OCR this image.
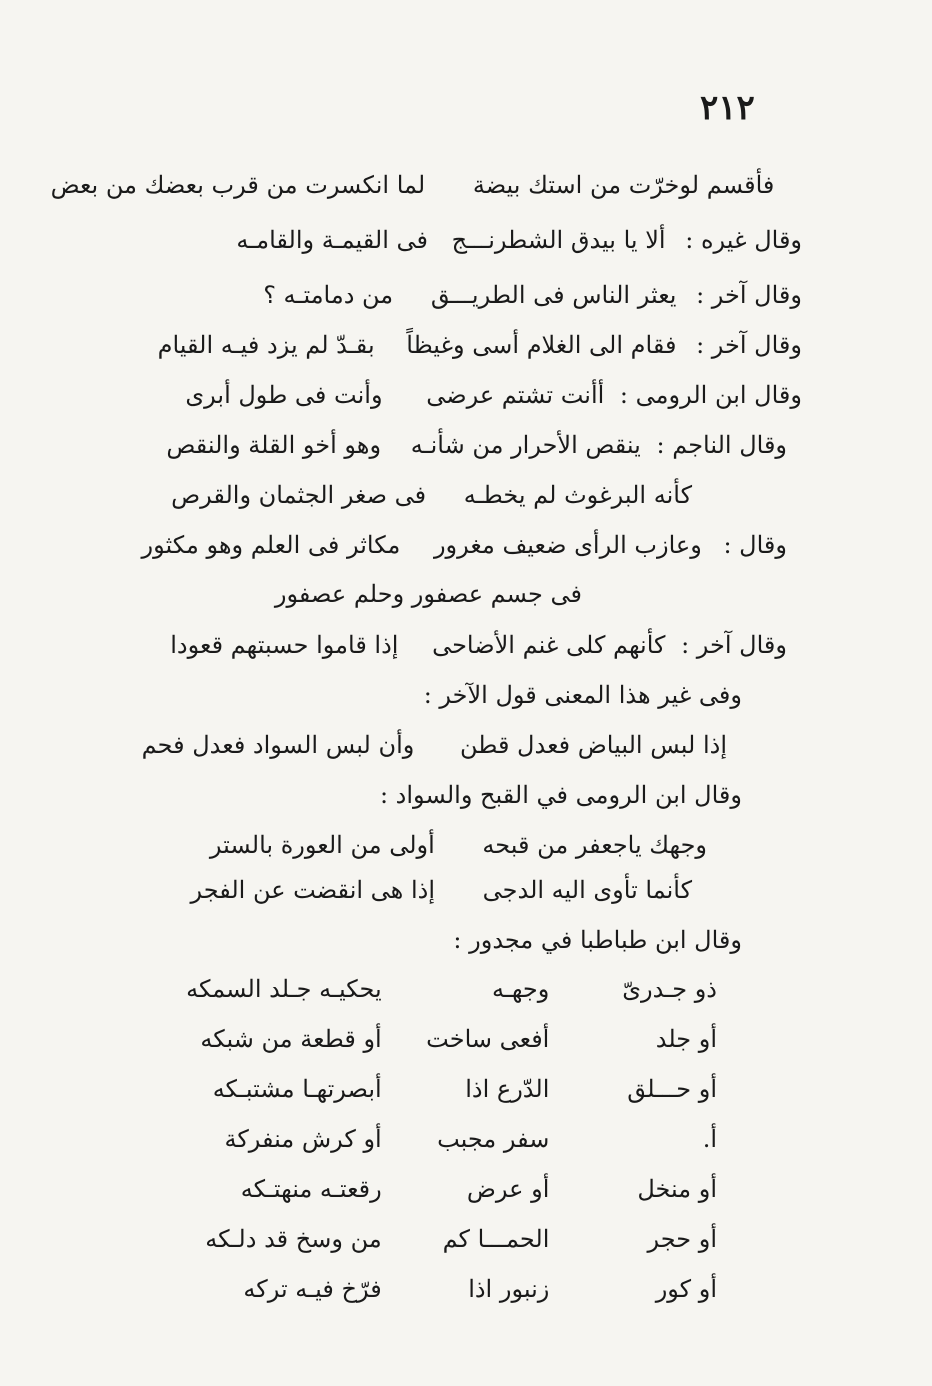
٢١٢
فأقسم لوخرّت من استك بيضة لما انكسرت من قرب بعضك من بعض
وقال غيره : ألا يا بيدق الشطرنـــج فى القيمـة والقامـه
وقال آخر : يعثر الناس فى الطريـــق من دمامتـه ؟
وقال آخر : فقام الى الغلام أسى وغيظاً بقـدّ لم يزد فيـه القيام
وقال ابن الرومى : أأنت تشتم عرضى وأنت فى طول أبرى
وقال الناجم : ينقص الأحرار من شأنـه وهو أخو القلة والنقص
كأنه البرغوث لم يخطـه فى صغر الجثمان والقرص
وقال : وعازب الرأى ضعيف مغرور مكاثر فى العلم وهو مكثور
فى جسم عصفور وحلم عصفور
وقال آخر : كأنهم كلى غنم الأضاحى إذا قاموا حسبتهم قعودا
وفى غير هذا المعنى قول الآخر :
إذا لبس البياض فعدل قطن وأن لبس السواد فعدل فحم
وقال ابن الرومى في القبح والسواد :
وجهك ياجعفر من قبحه أولى من العورة بالستر
كأنما تأوى اليه الدجى إذا هى انقضت عن الفجر
وقال ابن طباطبا في مجدور :
ذو جـدرىّ وجهـه يحكيـه جـلد السمكه
أو جلد أفعى ساخت أو قطعة من شبكه
أو حـــلق الدّرع اذا أبصرتهـا مشتبـكه
أ. سفر مجبب أو كرش منفركة
أو منخل أو عرض رقعتـه منهتـكه
أو حجر الحمـــا كم من وسخ قد دلـكه
أو كور زنبور اذا فرّخ فيـه تركه
